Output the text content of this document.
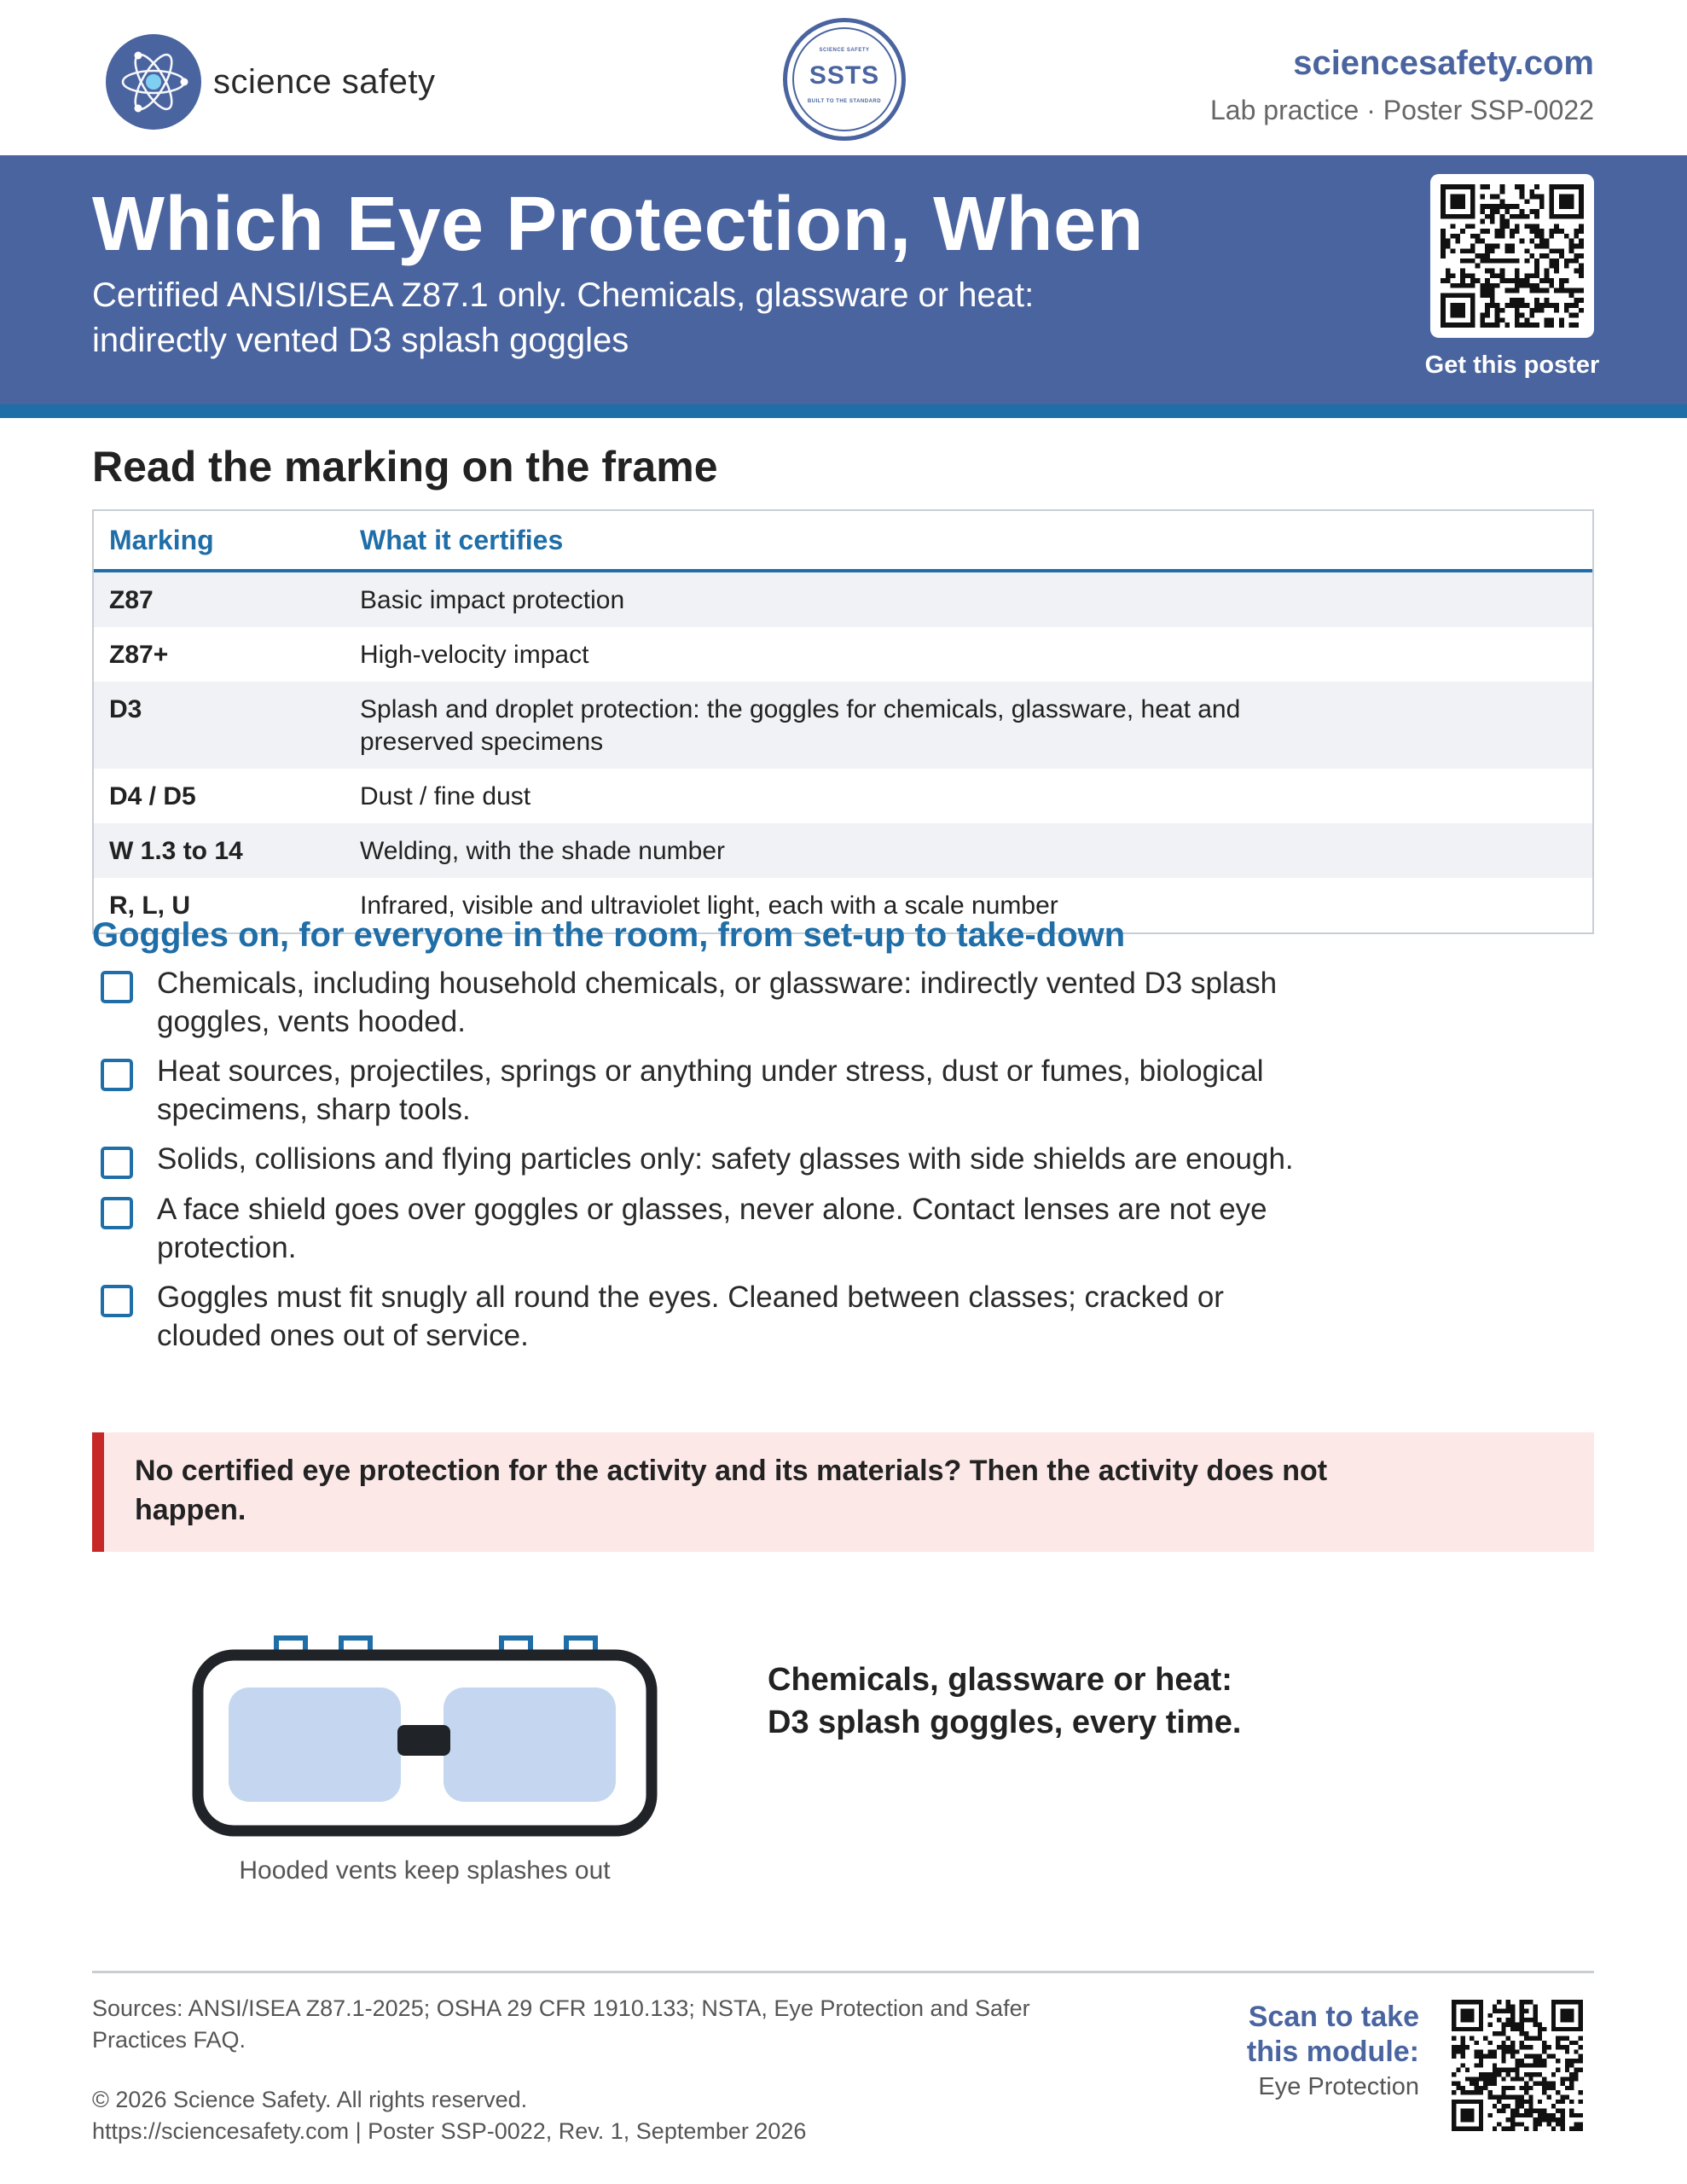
science safety
SCIENCE SAFETY
SSTS
BUILT TO THE STANDARD
sciencesafety.com
Lab practice · Poster SSP-0022
Which Eye Protection, When

Certified ANSI/ISEA Z87.1 only. Chemicals, glassware or heat: indirectly vented D3 splash goggles

Get this poster
Read the marking on the frame
Marking	What it certifies
Z87	Basic impact protection
Z87+	High-velocity impact
D3	Splash and droplet protection: the goggles for chemicals, glassware, heat and preserved specimens
D4 / D5	Dust / fine dust
W 1.3 to 14	Welding, with the shade number
R, L, U	Infrared, visible and ultraviolet light, each with a scale number
Goggles on, for everyone in the room, from set-up to take-down
Chemicals, including household chemicals, or glassware: indirectly vented D3 splash goggles, vents hooded.
Heat sources, projectiles, springs or anything under stress, dust or fumes, biological specimens, sharp tools.
Solids, collisions and flying particles only: safety glasses with side shields are enough.
A face shield goes over goggles or glasses, never alone. Contact lenses are not eye protection.
Goggles must fit snugly all round the eyes. Cleaned between classes; cracked or clouded ones out of service.

No certified eye protection for the activity and its materials? Then the activity does not happen.

Hooded vents keep splashes out
Chemicals, glassware or heat:
D3 splash goggles, every time.

Sources: ANSI/ISEA Z87.1-2025; OSHA 29 CFR 1910.133; NSTA, Eye Protection and Safer Practices FAQ.

© 2026 Science Safety. All rights reserved.
https://sciencesafety.com | Poster SSP-0022, Rev. 1, September 2026
Scan to take
this module:
Eye Protection
